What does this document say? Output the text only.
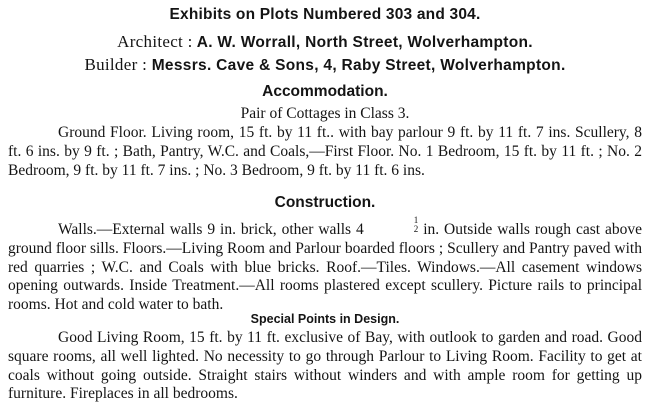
Exhibits on Plots Numbered 303 and 304.
Architect : A. W. Worrall, North Street, Wolverhampton.
Builder : Messrs. Cave & Sons, 4, Raby Street, Wolverhampton.
Accommodation.
Pair of Cottages in Class 3.
Ground Floor. Living room, 15 ft. by 11 ft.. with bay parlour 9 ft. by 11 ft. 7 ins. Scullery, 8 ft. 6 ins. by 9 ft. ; Bath, Pantry, W.C. and Coals,—First Floor. No. 1 Bedroom, 15 ft. by 11 ft. ; No. 2 Bedroom, 9 ft. by 11 ft. 7 ins. ; No. 3 Bedroom, 9 ft. by 11 ft. 6 ins.
Construction.
Walls.—External walls 9 in. brick, other walls 4
1
2 in. Outside walls rough cast above ground floor sills. Floors.—Living Room and Parlour boarded floors ; Scullery and Pantry paved with red quarries ; W.C. and Coals with blue bricks. Roof.—Tiles. Windows.—All casement windows opening outwards. Inside Treatment.—All rooms plastered except scullery. Picture rails to principal rooms. Hot and cold water to bath.
Special Points in Design.
Good Living Room, 15 ft. by 11 ft. exclusive of Bay, with outlook to garden and road. Good square rooms, all well lighted. No necessity to go through Parlour to Living Room. Facility to get at coals without going outside. Straight stairs without winders and with ample room for getting up furniture. Fireplaces in all bedrooms.
